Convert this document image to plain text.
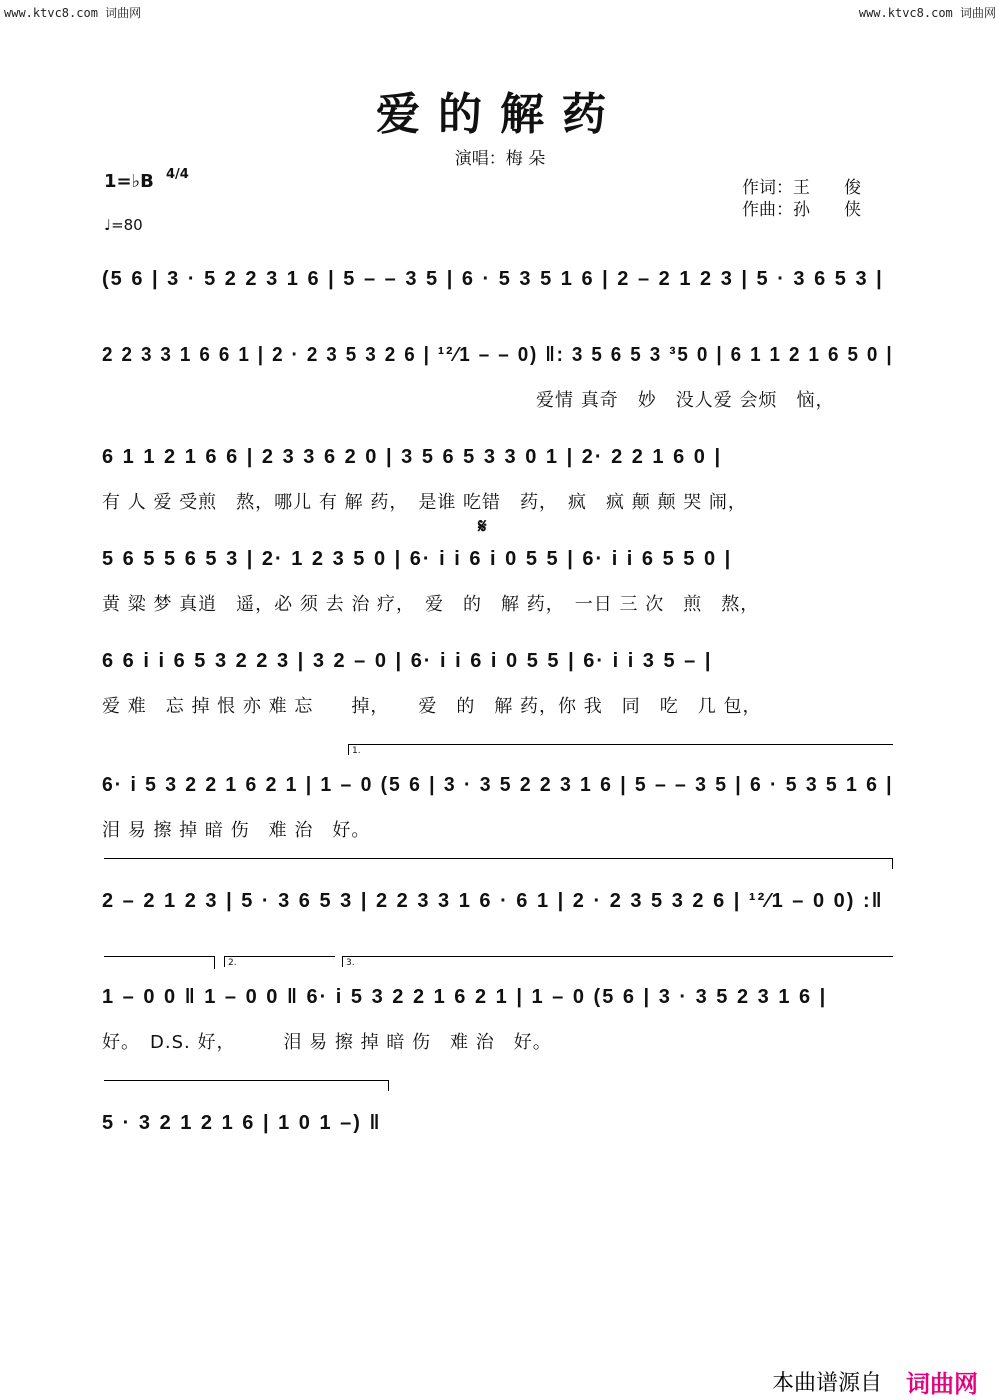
www.ktvc8.com 词曲网	www.ktvc8.com 词曲网
爱的解药
演唱：梅 朵
1=♭B 4/4
♩=80
作词：王　　俊
作曲：孙　　侠
(5 6 | 3 · 5 2 2 3 1 6 | 5 – – 3 5 | 6 · 5 3 5 1 6 | 2 – 2 1 2 3 | 5 · 3 6 5 3 |
2 2 3 3 1 6 6 1 | 2 · 2 3 5 3 2 6 | ¹²⁄1 – – 0) ‖: 3 5 6 5 3 ³5 0 | 6 1 1 2 1 6 5 0 |
爱情 真奇　妙　没人爱 会烦　恼，
6 1 1 2 1 6 6 | 2 3 3 6 2 0 | 3 5 6 5 3 3 0 1 | 2· 2 2 1 6 0 |
有 人 爱 受煎　熬，哪儿 有 解 药，　是谁 吃错　药，　疯　疯 颠 颠 哭 闹，
𝄋
5 6 5 5 6 5 3 | 2· 1 2 3 5 0 | 6· i i 6 i 0 5 5 | 6· i i 6 5 5 0 |
黄 粱 梦 真逍　遥，必 须 去 治 疗，　爱　的　解 药，　一日 三 次　煎　熬，
6 6 i i 6 5 3 2 2 3 | 3 2 – 0 | 6· i i 6 i 0 5 5 | 6· i i 3 5 – |
爱 难　忘 掉 恨 亦 难 忘　　掉，　　爱　的　解 药，你 我　同　吃　几 包，
1.
6· i 5 3 2 2 1 6 2 1 | 1 – 0 (5 6 | 3 · 3 5 2 2 3 1 6 | 5 – – 3 5 | 6 · 5 3 5 1 6 |
泪 易 擦 掉 暗 伤　难 治　好。
2 – 2 1 2 3 | 5 · 3 6 5 3 | 2 2 3 3 1 6 · 6 1 | 2 · 2 3 5 3 2 6 | ¹²⁄1 – 0 0) :‖
2.	3.
1 – 0 0 ‖ 1 – 0 0 ‖ 6· i 5 3 2 2 1 6 2 1 | 1 – 0 (5 6 | 3 · 3 5 2 3 1 6 |
好。　D.S. 好，　　　泪 易 擦 掉 暗 伤　难 治　好。
5 · 3 2 1 2 1 6 | 1 0 1 –) ‖
本曲谱源自 词曲网
